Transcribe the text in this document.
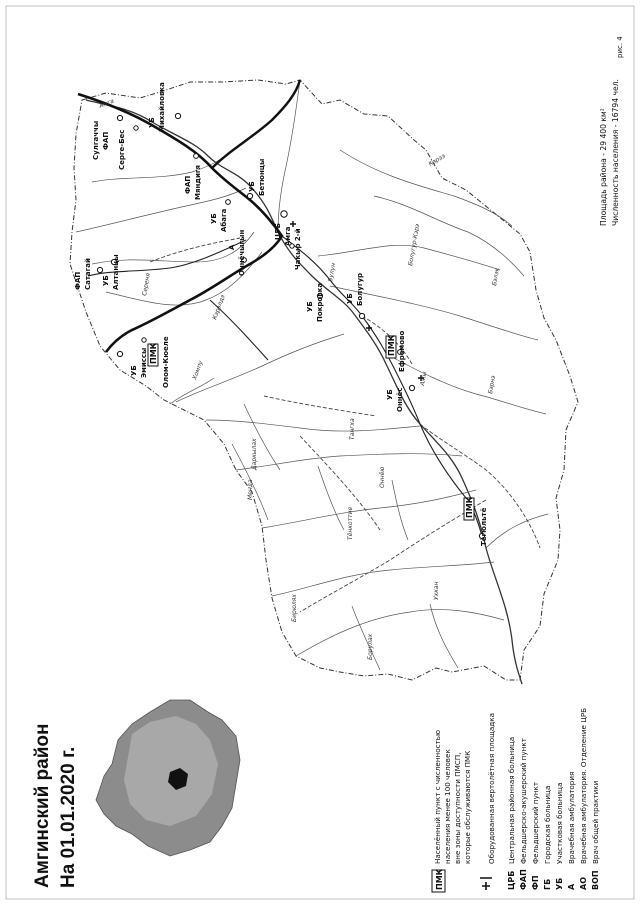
Сулгаччы ФАП Серге-Бес
Михайловка
УБ
Мяндигя
ФАП
Абага
УБ
Бетюнцы
УБ
Амга
ЦРБ Чакыр 2-й
Сатагай
ФАП	Алтанцы
УБ
Оннёчыгын
А
Покровка
УБ
Болугур
УБ
Эмиссы
УБ	Олом-Кюеле	Ефремово
Оннёс
УБ
Тёгюльтё
ПМК	ПМК
ПМК
Амга
Сереня
Кэрэлдэ
Хомпу
Болугур-Кэрэ
Бэлэк
Даркылах
Тангха
Оннёю
Менда
Тёнкоттие
Ухкан
Бирюлях
Борулах
Булун
Ажы	Бэрнэ
Кэрээ
рис. 4
Площадь района - 29 400 км² Численность населения - 16794 чел.
Амгинский район На 01.01.2020 г.	ПМК
Населённый пункт с численностью населения менее 100 человек вне зоны доступности ПМСП, которые обслуживаются ПМК Оборудованная вертолётная площадка
ЦРБ
Центральная районная больница
ФАП
Фельдшерско-акушерский пункт
ФП
Фельдшерский пункт
ГБ
Городская больница
УБ
Участковая больница
А
Врачебная амбулатория
АО
Врачебная амбулатория. Отделение ЦРБ
ВОП
Врач общей практики
